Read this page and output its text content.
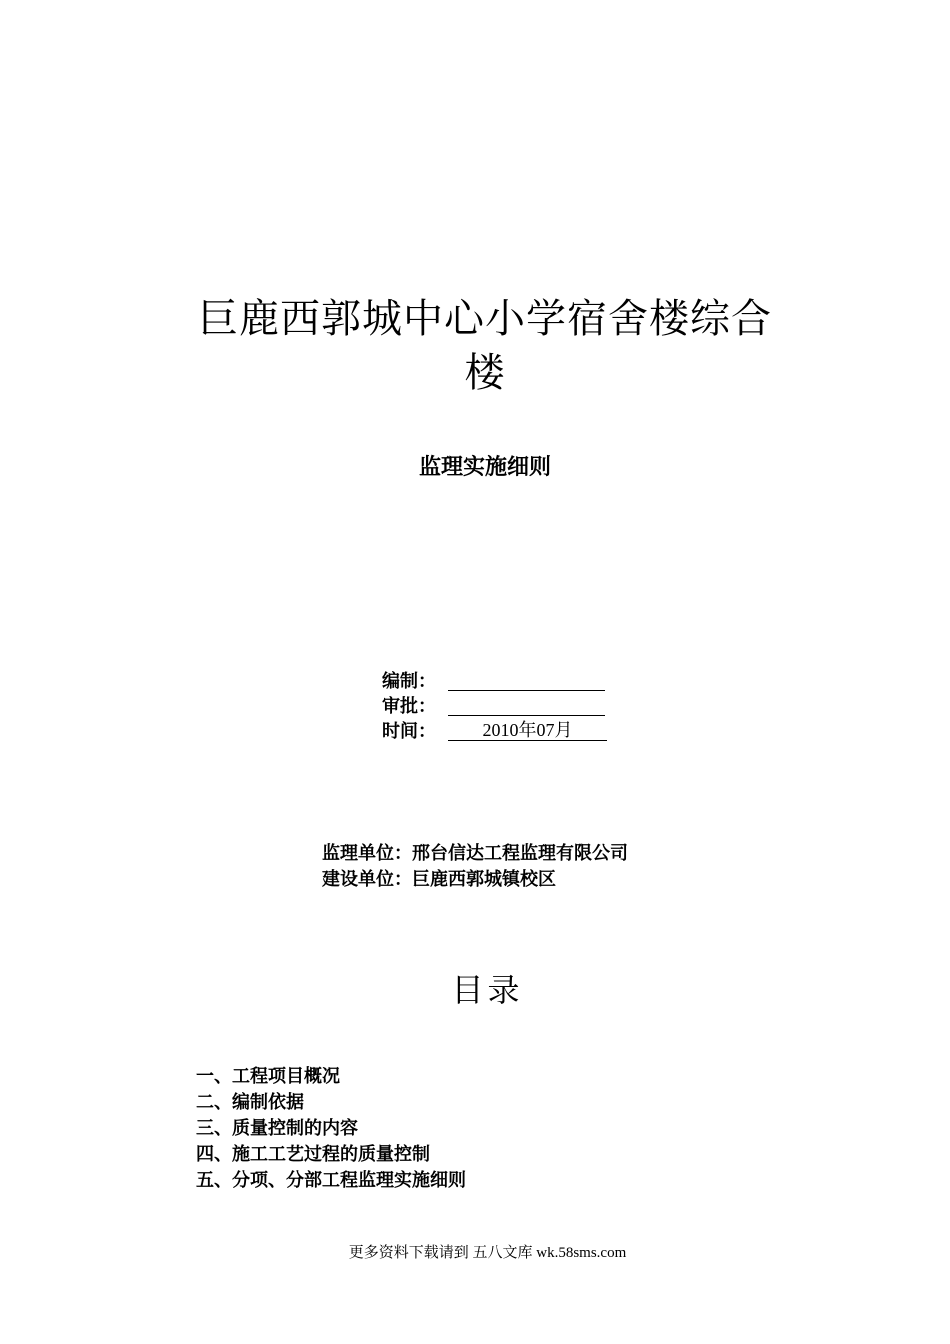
巨鹿西郭城中心小学宿舍楼综合
楼
监理实施细则
编制：
审批：
时间：	2010年07月
监理单位：邢台信达工程监理有限公司
建设单位：巨鹿西郭城镇校区
目录
一、工程项目概况
二、编制依据
三、质量控制的内容
四、施工工艺过程的质量控制
五、分项、分部工程监理实施细则
更多资料下载请到 五八文库 wk.58sms.com
